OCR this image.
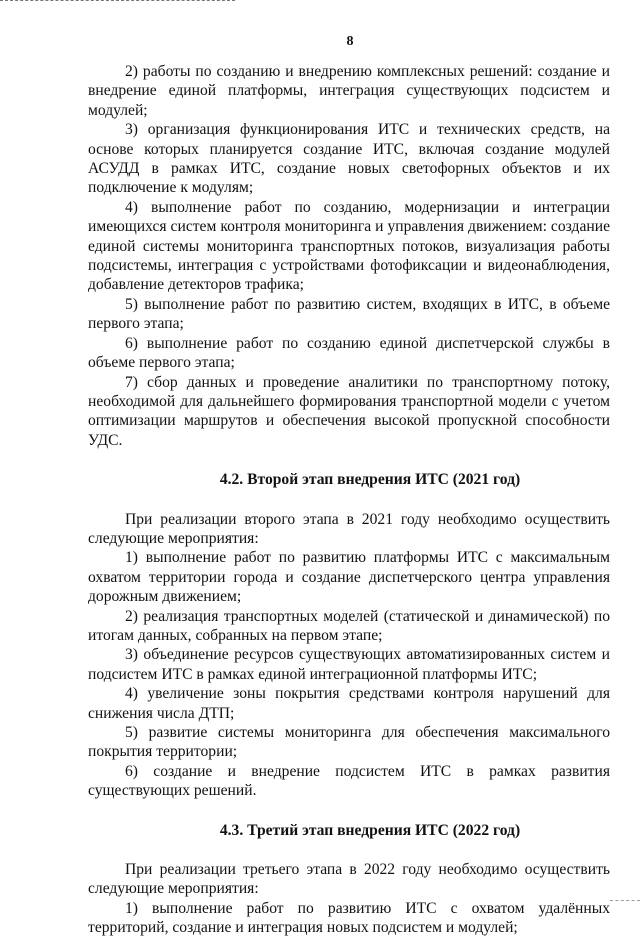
8

2) работы по созданию и внедрению комплексных решений: создание и внедрение единой платформы, интеграция существующих подсистем и модулей;

3) организация функционирования ИТС и технических средств, на основе которых планируется создание ИТС, включая создание модулей АСУДД в рамках ИТС, создание новых светофорных объектов и их подключение к модулям;

4) выполнение работ по созданию, модернизации и интеграции имеющихся систем контроля мониторинга и управления движением: создание единой системы мониторинга транспортных потоков, визуализация работы подсистемы, интеграция с устройствами фотофиксации и видеонаблюдения, добавление детекторов трафика;

5) выполнение работ по развитию систем, входящих в ИТС, в объеме первого этапа;

6) выполнение работ по созданию единой диспетчерской службы в объеме первого этапа;

7) сбор данных и проведение аналитики по транспортному потоку, необходимой для дальнейшего формирования транспортной модели с учетом оптимизации маршрутов и обеспечения высокой пропускной способности УДС.

4.2. Второй этап внедрения ИТС (2021 год)

При реализации второго этапа в 2021 году необходимо осуществить следующие мероприятия:

1) выполнение работ по развитию платформы ИТС с максимальным охватом территории города и создание диспетчерского центра управления дорожным движением;

2) реализация транспортных моделей (статической и динамической) по итогам данных, собранных на первом этапе;

3) объединение ресурсов существующих автоматизированных систем и подсистем ИТС в рамках единой интеграционной платформы ИТС;

4) увеличение зоны покрытия средствами контроля нарушений для снижения числа ДТП;

5) развитие системы мониторинга для обеспечения максимального покрытия территории;

6) создание и внедрение подсистем ИТС в рамках развития существующих решений.

4.3. Третий этап внедрения ИТС (2022 год)

При реализации третьего этапа в 2022 году необходимо осуществить следующие мероприятия:

1) выполнение работ по развитию ИТС с охватом удалённых территорий, создание и интеграция новых подсистем и модулей;
